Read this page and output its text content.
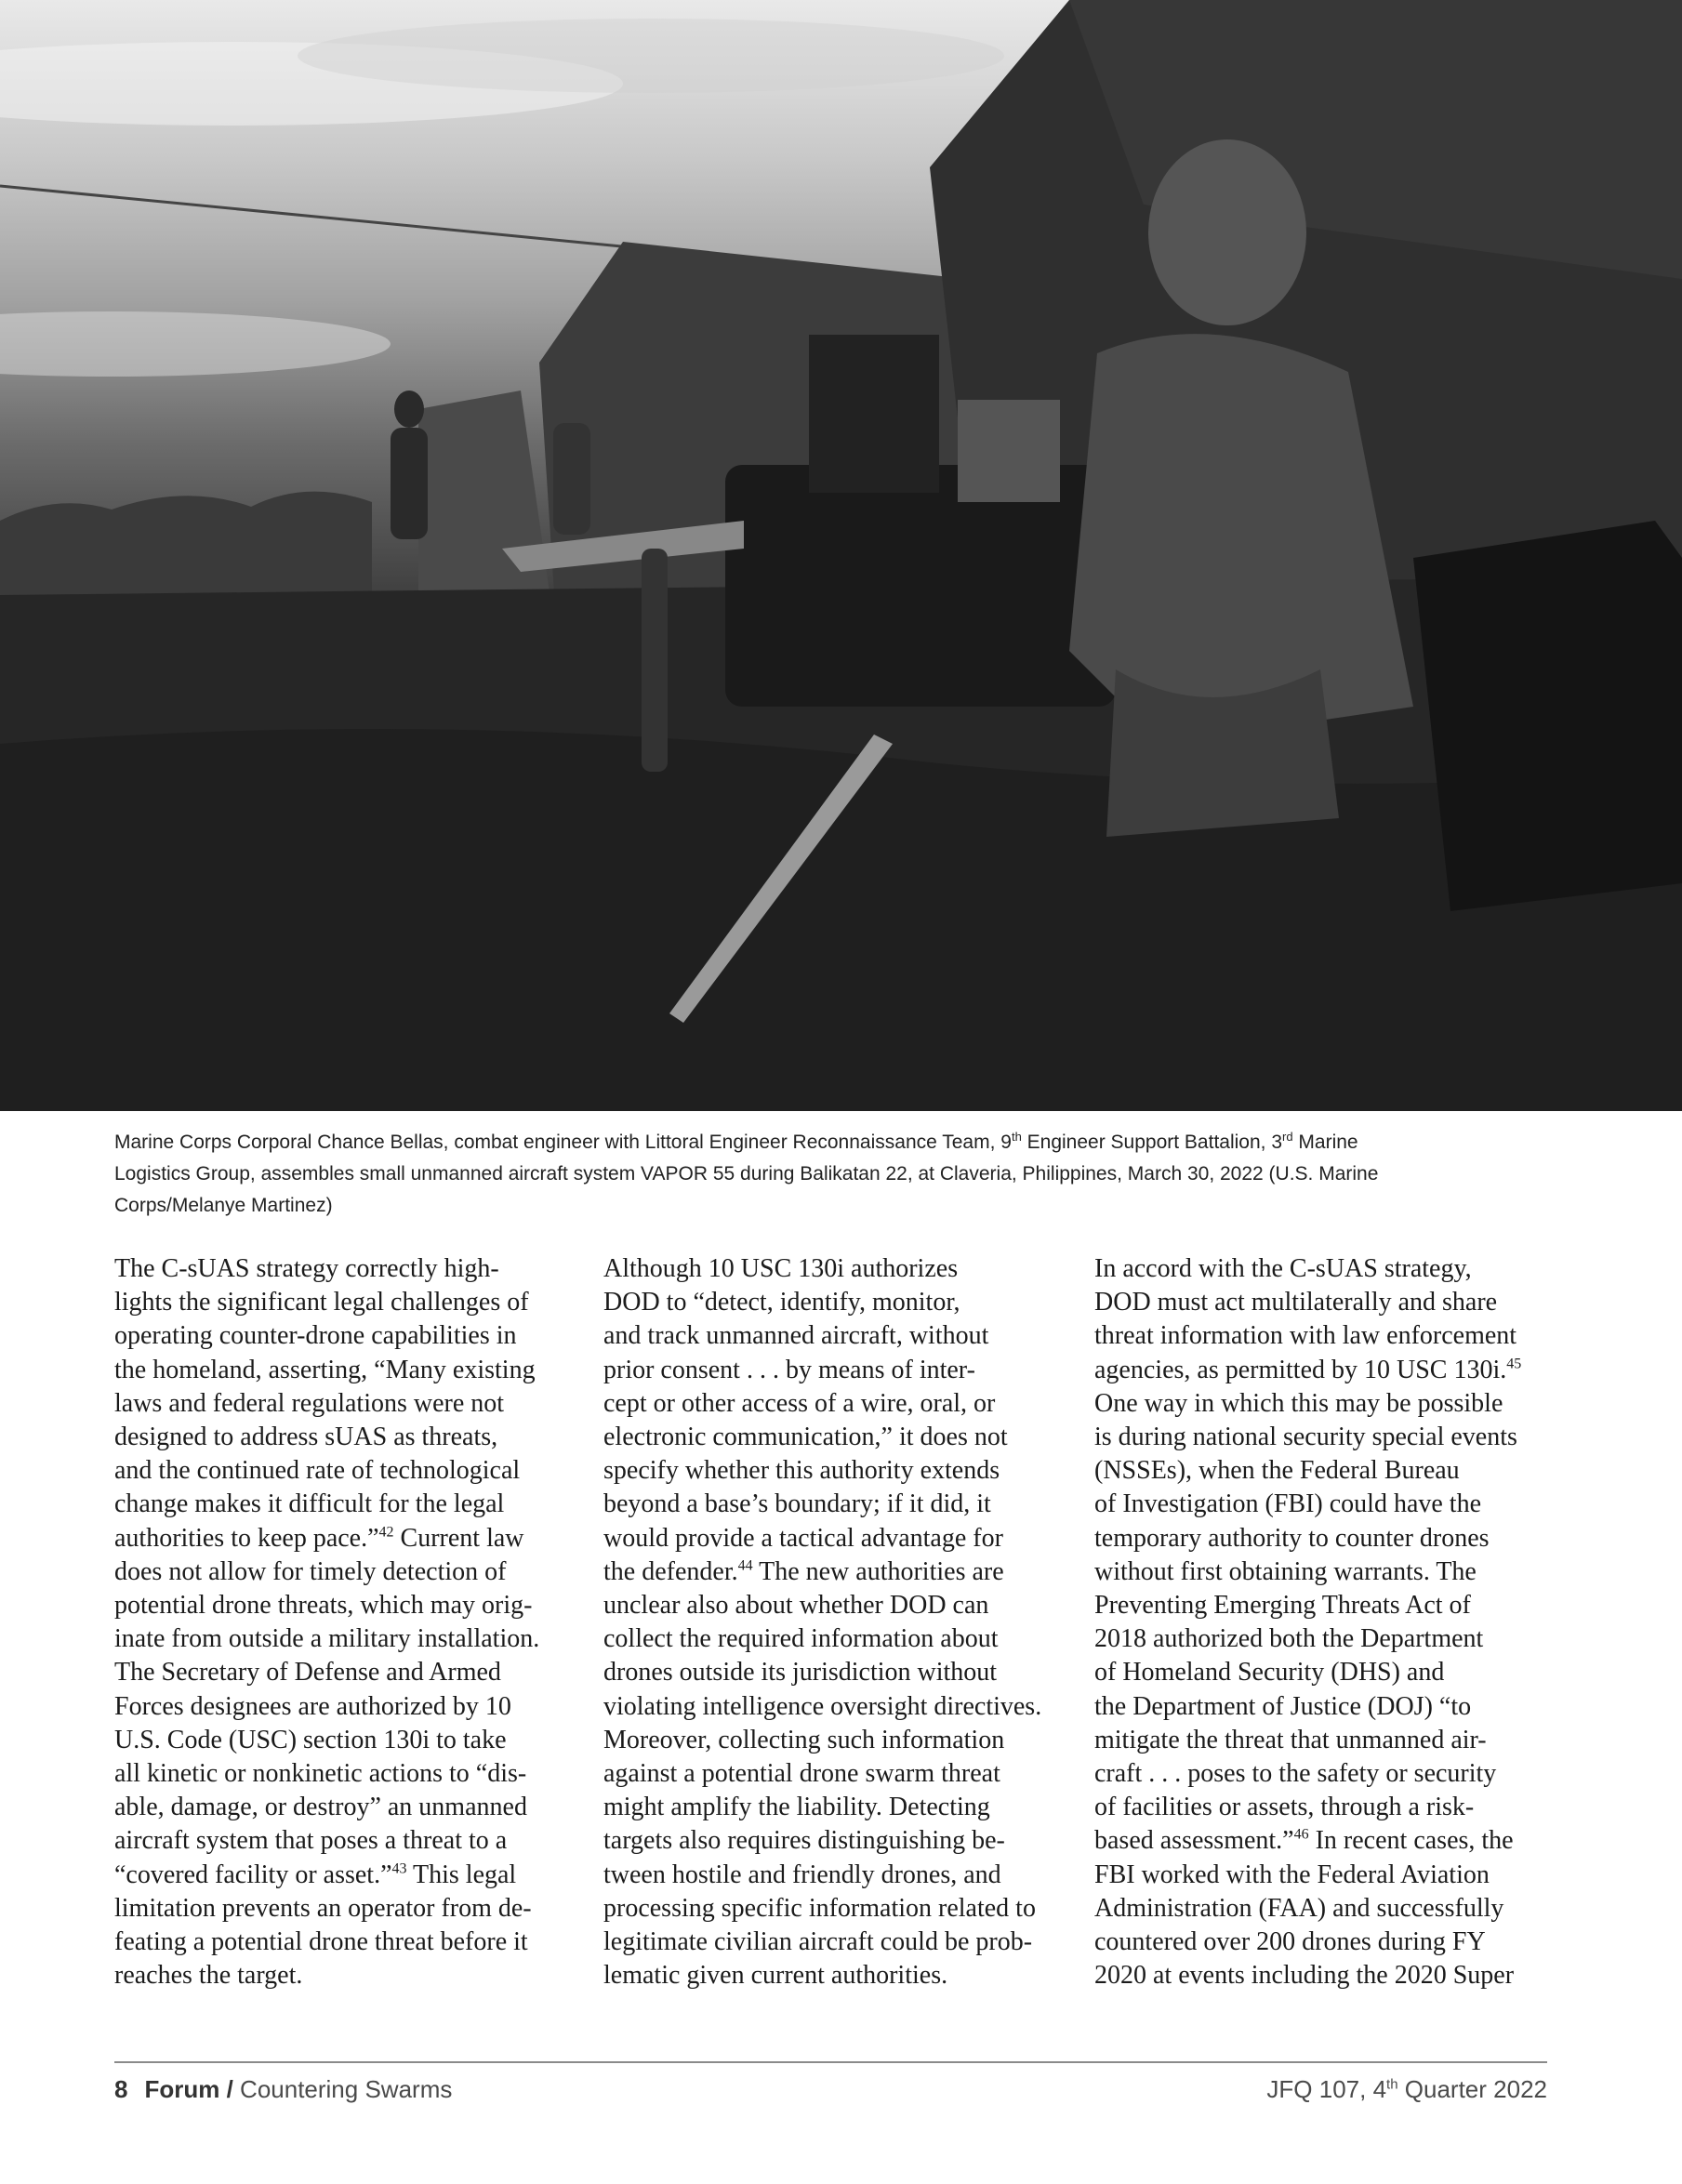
Marine Corps Corporal Chance Bellas, combat engineer with Littoral Engineer Reconnaissance Team, 9th Engineer Support Battalion, 3rd Marine
Logistics Group, assembles small unmanned aircraft system VAPOR 55 during Balikatan 22, at Claveria, Philippines, March 30, 2022 (U.S. Marine
Corps/Melanye Martinez)

The C-sUAS strategy correctly high-
lights the significant legal challenges of
operating counter-drone capabilities in
the homeland, asserting, “Many existing
laws and federal regulations were not
designed to address sUAS as threats,
and the continued rate of technological
change makes it difficult for the legal
authorities to keep pace.”$^{42}$ Current law
does not allow for timely detection of
potential drone threats, which may orig-
inate from outside a military installation.
The Secretary of Defense and Armed
Forces designees are authorized by 10
U.S. Code (USC) section 130i to take
all kinetic or nonkinetic actions to “dis-
able, damage, or destroy” an unmanned
aircraft system that poses a threat to a
“covered facility or asset.”$^{43}$ This legal
limitation prevents an operator from de-
feating a potential drone threat before it
reaches the target.

Although 10 USC 130i authorizes
DOD to “detect, identify, monitor,
and track unmanned aircraft, without
prior consent . . . by means of inter-
cept or other access of a wire, oral, or
electronic communication,” it does not
specify whether this authority extends
beyond a base’s boundary; if it did, it
would provide a tactical advantage for
the defender.$^{44}$ The new authorities are
unclear also about whether DOD can
collect the required information about
drones outside its jurisdiction without
violating intelligence oversight directives.
Moreover, collecting such information
against a potential drone swarm threat
might amplify the liability. Detecting
targets also requires distinguishing be-
tween hostile and friendly drones, and
processing specific information related to
legitimate civilian aircraft could be prob-
lematic given current authorities.

In accord with the C-sUAS strategy,
DOD must act multilaterally and share
threat information with law enforcement
agencies, as permitted by 10 USC 130i.$^{45}$
One way in which this may be possible
is during national security special events
(NSSEs), when the Federal Bureau
of Investigation (FBI) could have the
temporary authority to counter drones
without first obtaining warrants. The
Preventing Emerging Threats Act of
2018 authorized both the Department
of Homeland Security (DHS) and
the Department of Justice (DOJ) “to
mitigate the threat that unmanned air-
craft . . . poses to the safety or security
of facilities or assets, through a risk-
based assessment.”$^{46}$ In recent cases, the
FBI worked with the Federal Aviation
Administration (FAA) and successfully
countered over 200 drones during FY
2020 at events including the 2020 Super

8 Forum / Countering Swarms	JFQ 107, 4th Quarter 2022
